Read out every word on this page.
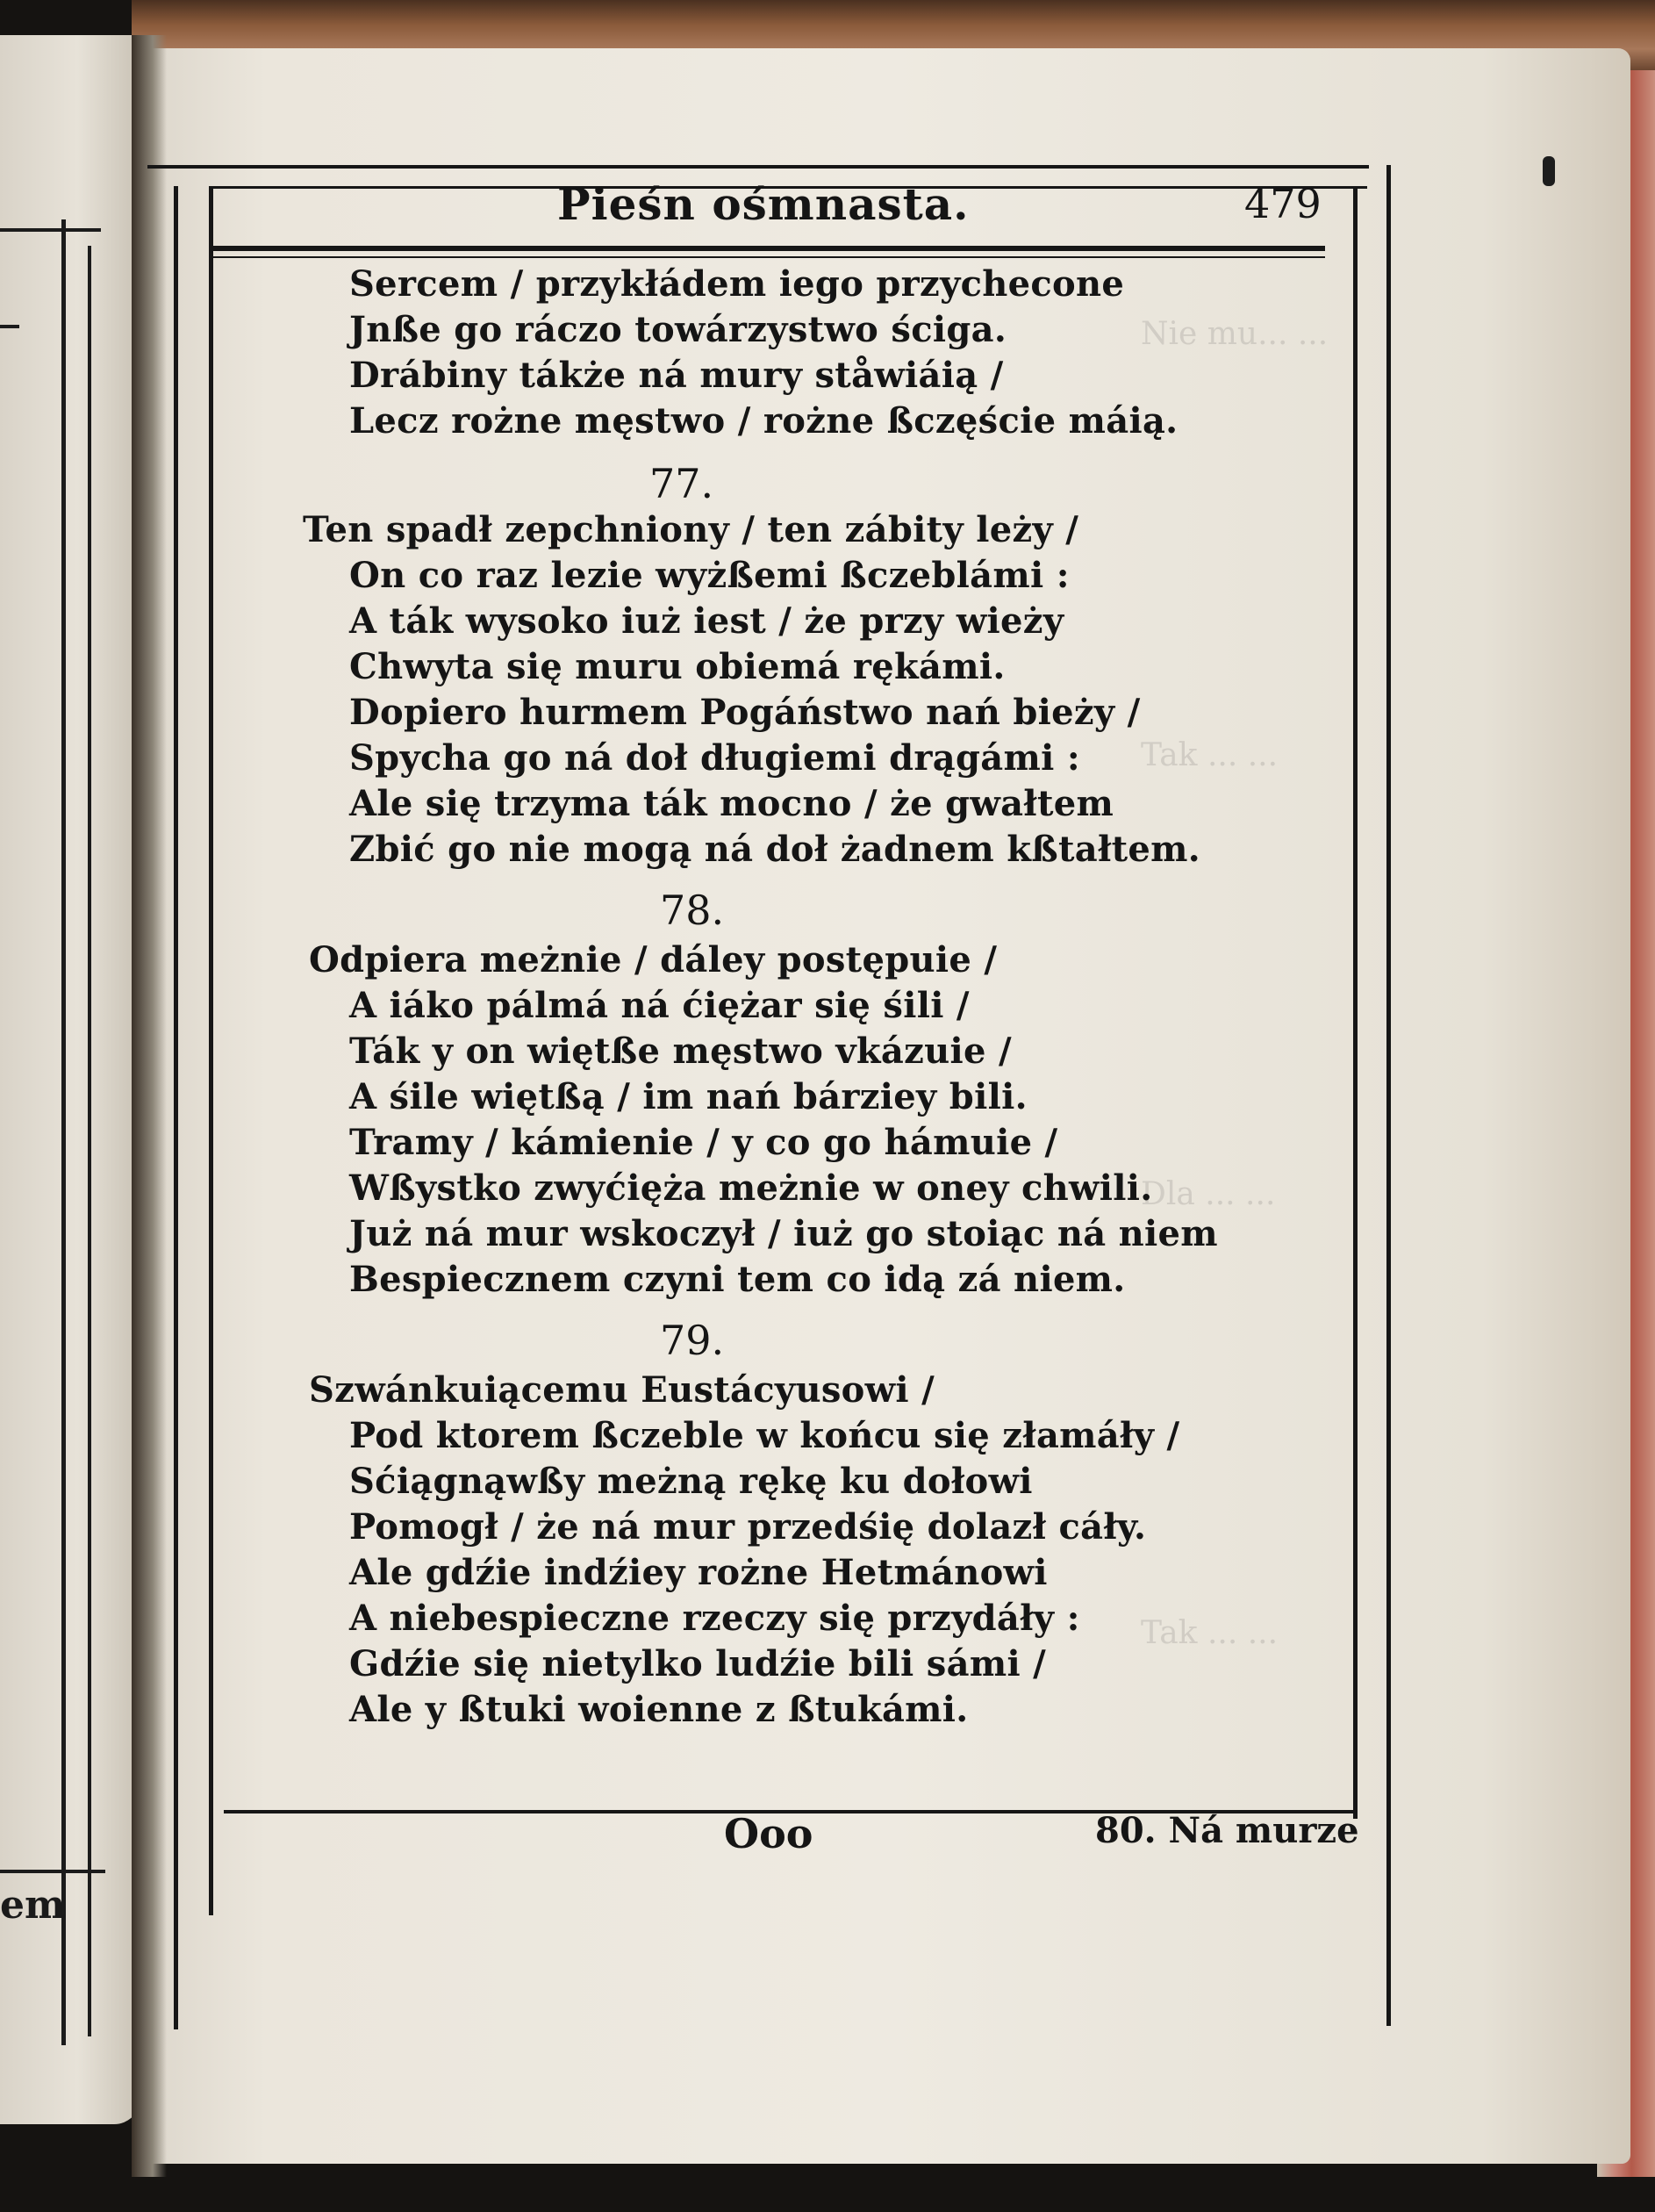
em
Nie mu... ...
Tak ... ...
Dla ... ...
Tak ... ...
Pieśn ośmnasta.	479
Sercem / przykłádem iego przychecone
Jnße go ráczo towárzystwo ściga.
Drábiny tákże ná mury ståwiáią /
Lecz rożne męstwo / rożne ßczęście máią.
77.
Ten spadł zepchniony / ten zábity leży /
On co raz lezie wyżßemi ßczeblámi :
A ták wysoko iuż iest / że przy wieży
Chwyta się muru obiemá rękámi.
Dopiero hurmem Pogáństwo nań bieży /
Spycha go ná doł długiemi drągámi :
Ale się trzyma ták mocno / że gwałtem
Zbić go nie mogą ná doł żadnem kßtałtem.
78.
Odpiera meżnie / dáley postępuie /
A iáko pálmá ná ćiężar się śili /
Ták y on więtße męstwo vkázuie /
A śile więtßą / im nań bárziey bili.
Tramy / kámienie / y co go hámuie /
Wßystko zwyćięża meżnie w oney chwili.
Już ná mur wskoczył / iuż go stoiąc ná niem
Bespiecznem czyni tem co idą zá niem.
79.
Szwánkuiącemu Eustácyusowi /
Pod ktorem ßczeble w końcu się złamáły /
Sćiągnąwßy meżną rękę ku dołowi
Pomogł / że ná mur przedśię dolazł cáły.
Ale gdźie indźiey rożne Hetmánowi
A niebespieczne rzeczy się przydáły :
Gdźie się nietylko ludźie bili sámi /
Ale y ßtuki woienne z ßtukámi.
Ooo	80. Ná murze
